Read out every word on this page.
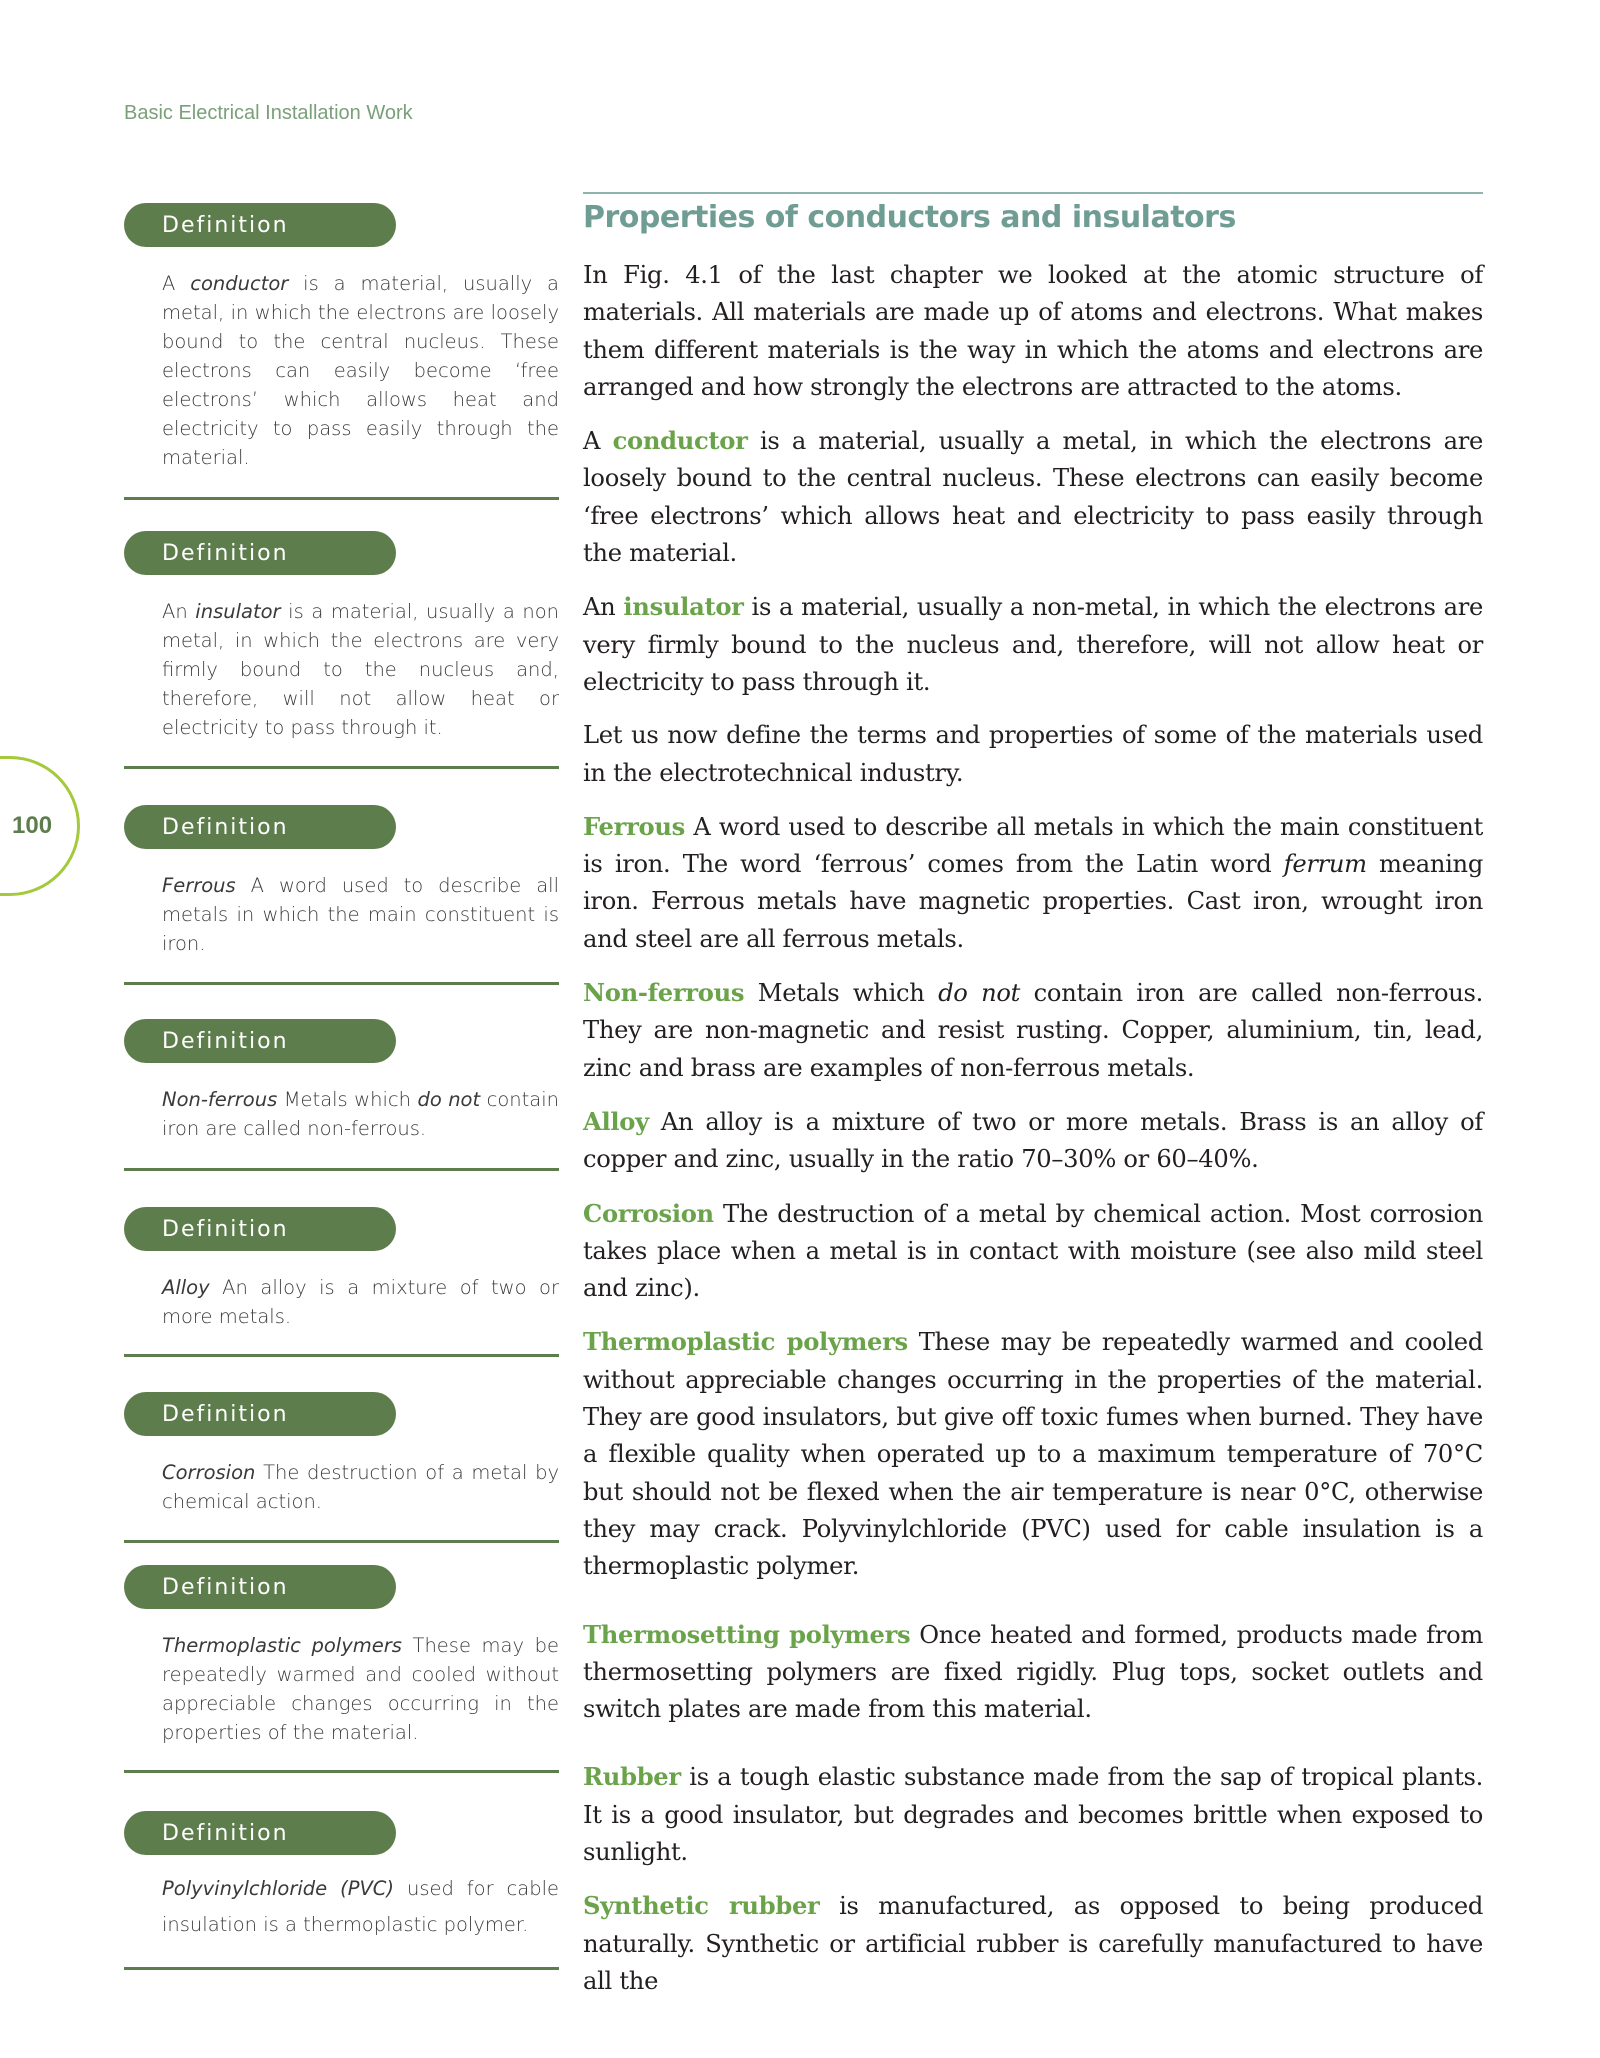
Basic Electrical Installation Work
100
Definition
A conductor is a material, usually a metal, in which the electrons are loosely bound to the central nucleus. These electrons can easily become ‘free electrons’ which allows heat and electricity to pass easily through the material.
Definition
An insulator is a material, usually a non metal, in which the electrons are very firmly bound to the nucleus and, therefore, will not allow heat or electricity to pass through it.
Definition
Ferrous A word used to describe all metals in which the main constituent is iron.
Definition
Non-ferrous Metals which do not contain iron are called non-ferrous.
Definition
Alloy An alloy is a mixture of two or more metals.
Definition
Corrosion The destruction of a metal by chemical action.
Definition
Thermoplastic polymers These may be repeatedly warmed and cooled without appreciable changes occurring in the properties of the material.
Definition
Polyvinylchloride (PVC) used for cable insulation is a thermoplastic polymer.
Properties of conductors and insulators

In Fig. 4.1 of the last chapter we looked at the atomic structure of materials. All materials are made up of atoms and electrons. What makes them different materials is the way in which the atoms and electrons are arranged and how strongly the electrons are attracted to the atoms.

A conductor is a material, usually a metal, in which the electrons are loosely bound to the central nucleus. These electrons can easily become ‘free electrons’ which allows heat and electricity to pass easily through the material.

An insulator is a material, usually a non-metal, in which the electrons are very firmly bound to the nucleus and, therefore, will not allow heat or electricity to pass through it.

Let us now define the terms and properties of some of the materials used in the electrotechnical industry.

Ferrous A word used to describe all metals in which the main constituent is iron. The word ‘ferrous’ comes from the Latin word ferrum meaning iron. Ferrous metals have magnetic properties. Cast iron, wrought iron and steel are all ferrous metals.

Non-ferrous Metals which do not contain iron are called non-ferrous. They are non-magnetic and resist rusting. Copper, aluminium, tin, lead, zinc and brass are examples of non-ferrous metals.

Alloy An alloy is a mixture of two or more metals. Brass is an alloy of copper and zinc, usually in the ratio 70–30% or 60–40%.

Corrosion The destruction of a metal by chemical action. Most corrosion takes place when a metal is in contact with moisture (see also mild steel and zinc).

Thermoplastic polymers These may be repeatedly warmed and cooled without appreciable changes occurring in the properties of the material. They are good insulators, but give off toxic fumes when burned. They have a flexible quality when operated up to a maximum temperature of 70°C but should not be flexed when the air temperature is near 0°C, otherwise they may crack. Polyvinylchloride (PVC) used for cable insulation is a thermoplastic polymer.

Thermosetting polymers Once heated and formed, products made from thermosetting polymers are fixed rigidly. Plug tops, socket outlets and switch plates are made from this material.

Rubber is a tough elastic substance made from the sap of tropical plants. It is a good insulator, but degrades and becomes brittle when exposed to sunlight.

Synthetic rubber is manufactured, as opposed to being produced naturally. Synthetic or artificial rubber is carefully manufactured to have all the
